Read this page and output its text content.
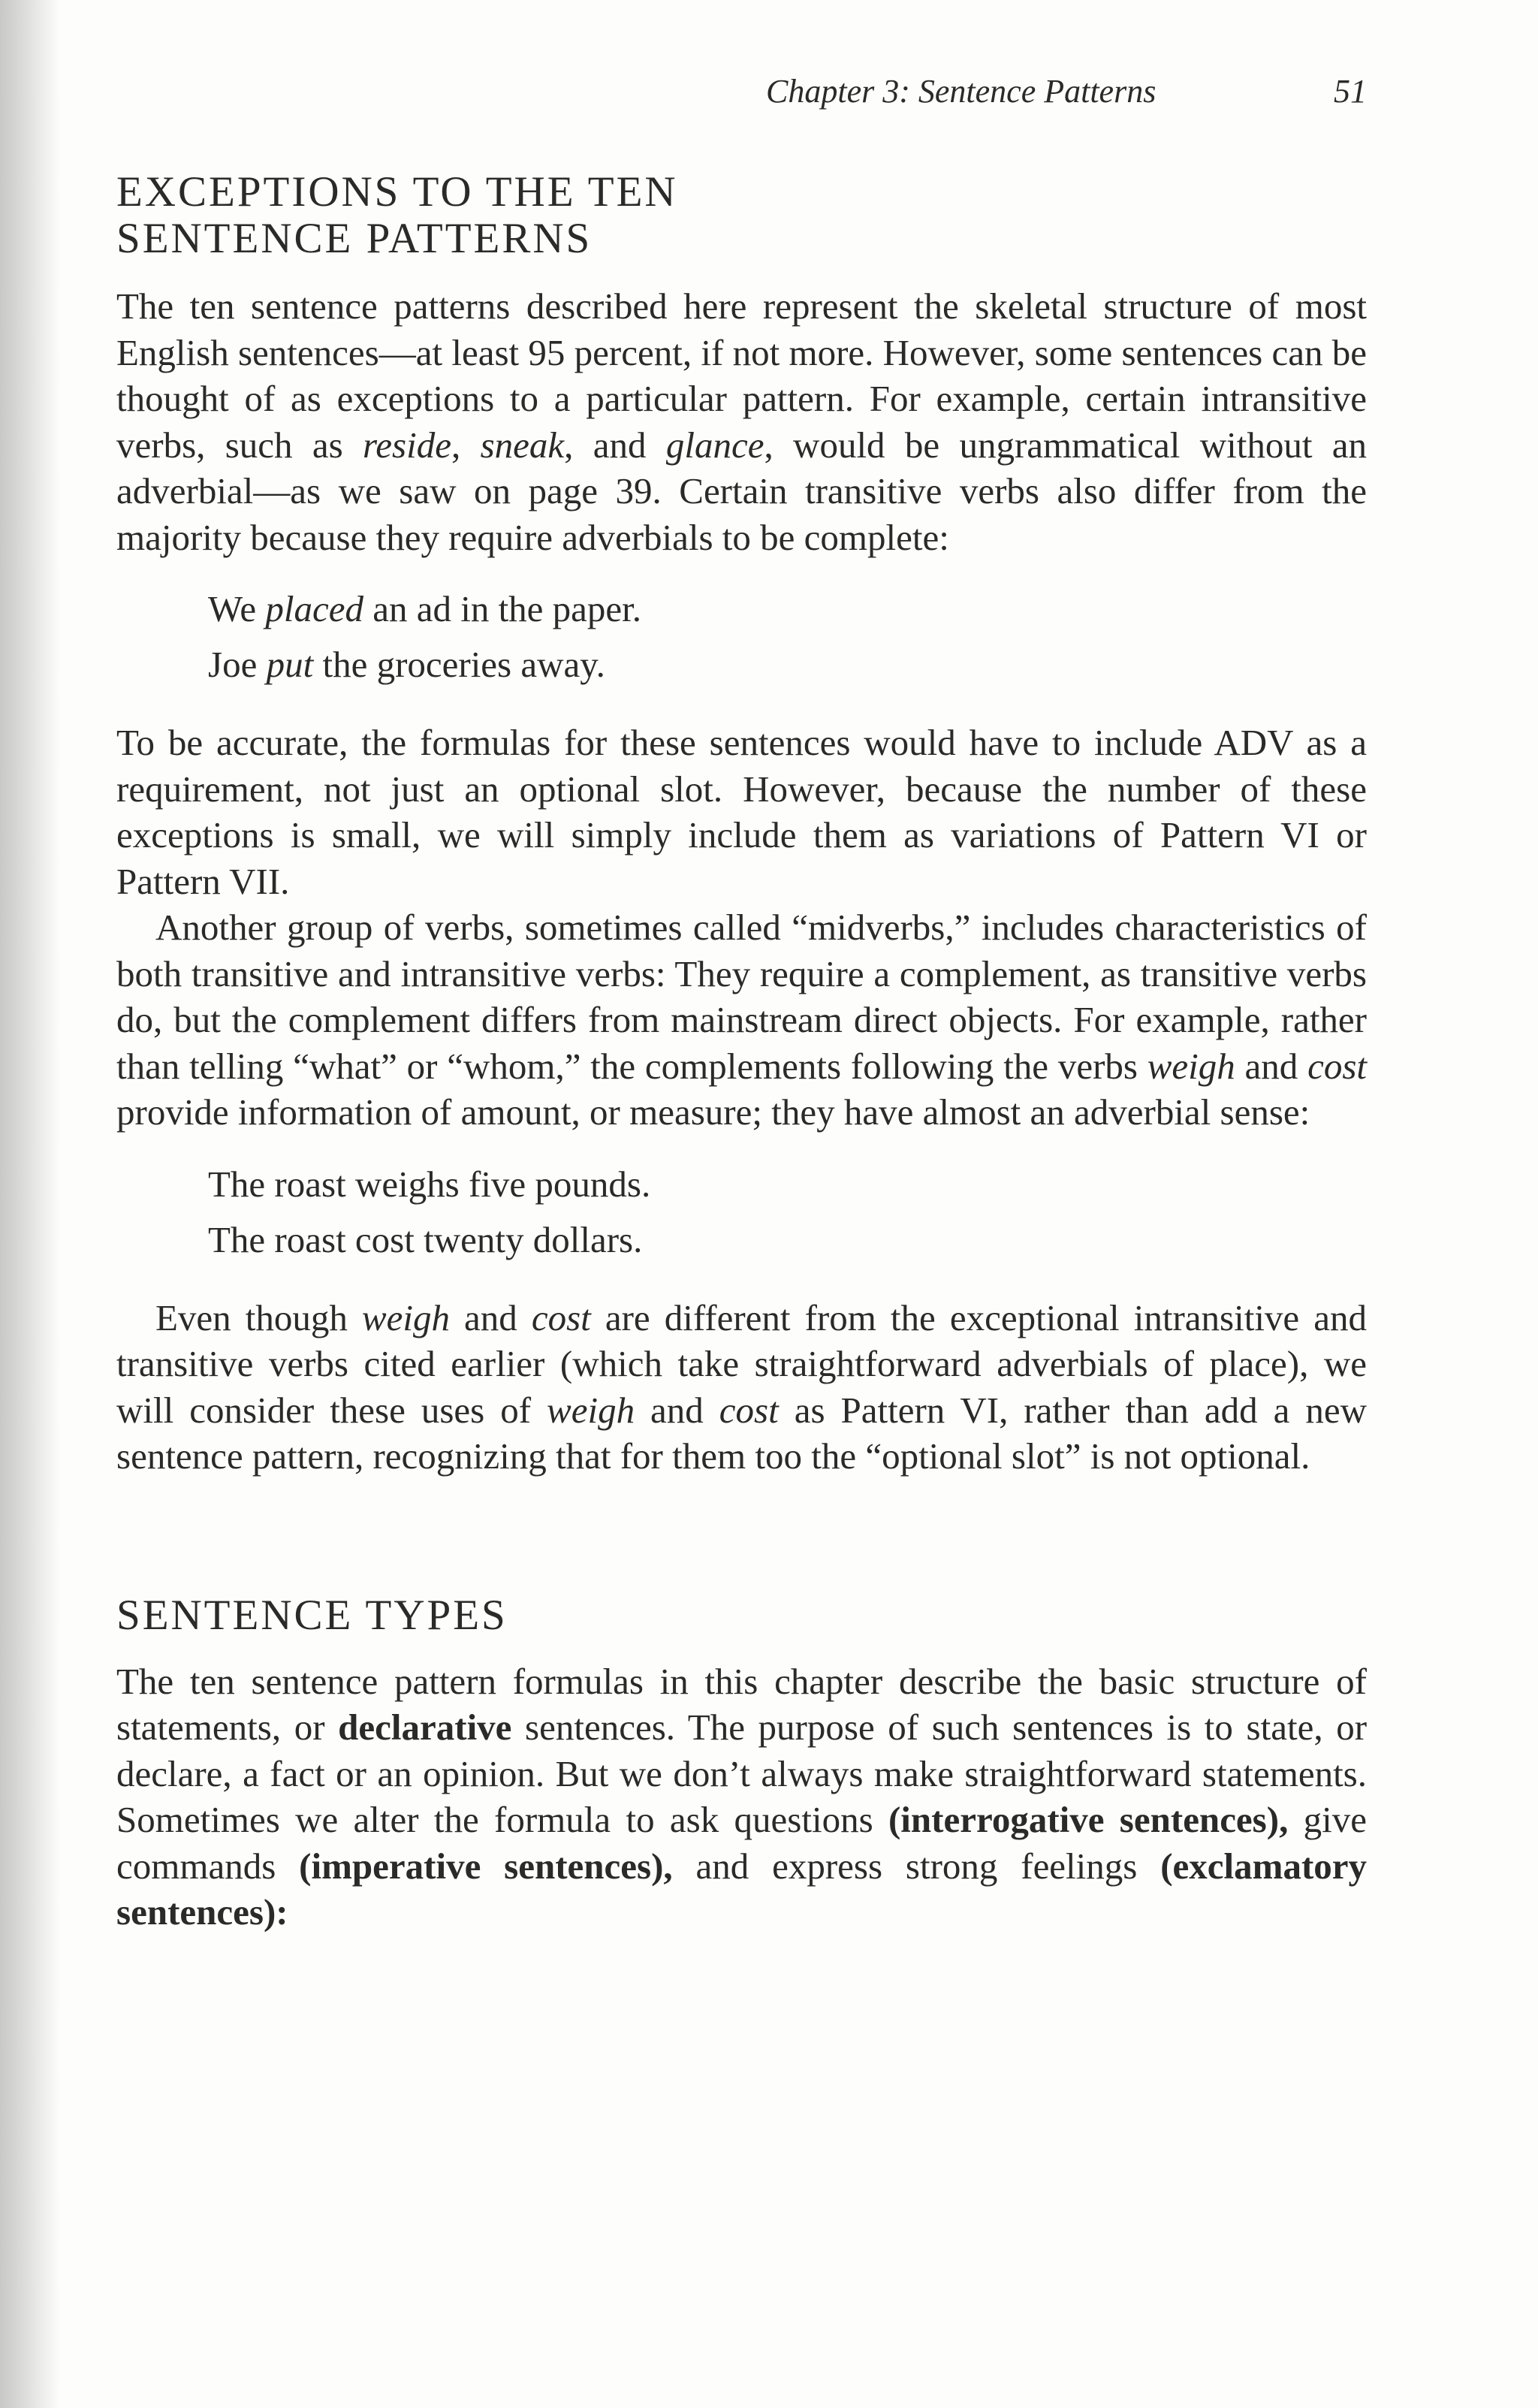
Chapter 3: Sentence Patterns	51
EXCEPTIONS TO THE TEN
SENTENCE PATTERNS

The ten sentence patterns described here represent the skeletal structure of most English sentences—at least 95 percent, if not more. However, some sentences can be thought of as exceptions to a particular pattern. For example, certain intransitive verbs, such as reside, sneak, and glance, would be ungrammatical without an adverbial—as we saw on page 39. Certain transitive verbs also differ from the majority because they require adverbials to be complete:

We placed an ad in the paper.
Joe put the groceries away.

To be accurate, the formulas for these sentences would have to include ADV as a requirement, not just an optional slot. However, because the number of these exceptions is small, we will simply include them as variations of Pattern VI or Pattern VII.

Another group of verbs, sometimes called “midverbs,” includes characteristics of both transitive and intransitive verbs: They require a complement, as transitive verbs do, but the complement differs from mainstream direct objects. For example, rather than telling “what” or “whom,” the complements following the verbs weigh and cost provide information of amount, or measure; they have almost an adverbial sense:

The roast weighs five pounds.
The roast cost twenty dollars.

Even though weigh and cost are different from the exceptional intransitive and transitive verbs cited earlier (which take straightforward adverbials of place), we will consider these uses of weigh and cost as Pattern VI, rather than add a new sentence pattern, recognizing that for them too the “optional slot” is not optional.

SENTENCE TYPES

The ten sentence pattern formulas in this chapter describe the basic structure of statements, or declarative sentences. The purpose of such sentences is to state, or declare, a fact or an opinion. But we don’t always make straightforward statements. Sometimes we alter the formula to ask questions (interrogative sentences), give commands (imperative sentences), and express strong feelings (exclamatory sentences):
